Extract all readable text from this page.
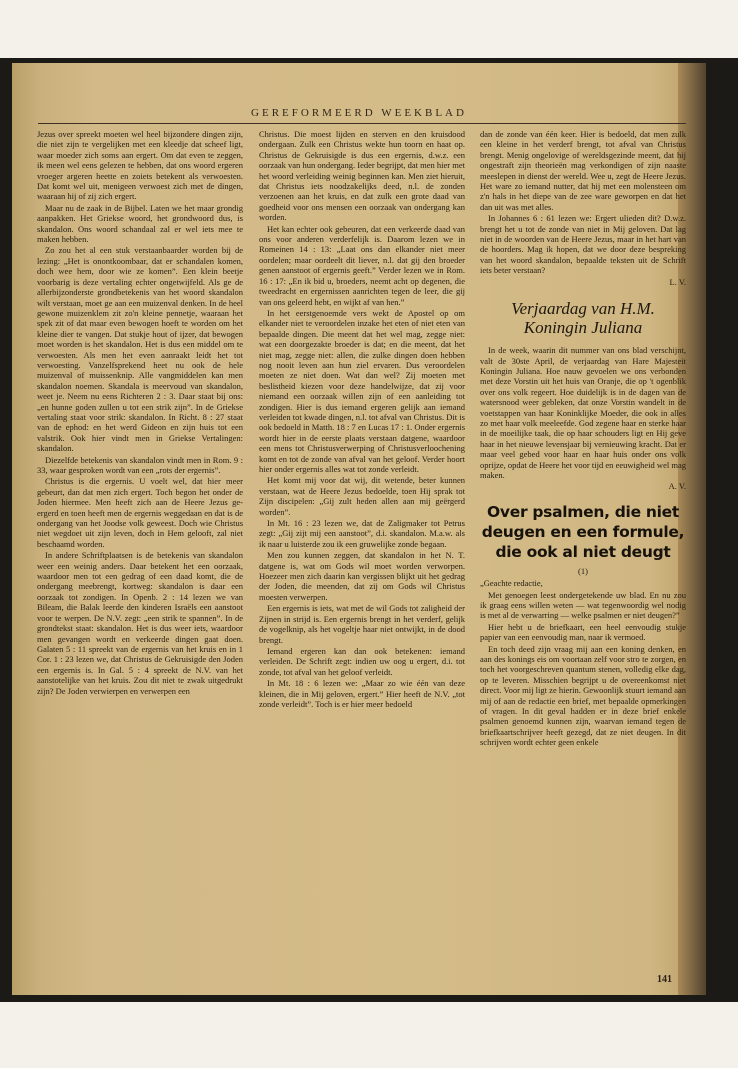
GEREFORMEERD WEEKBLAD

Jezus over spreekt moeten wel heel bijzondere dingen zijn, die niet zijn te vergelijken met een kleedje dat scheef ligt, waar moeder zich soms aan ergert. Om dat even te zeggen, ik meen wel eens gelezen te hebben, dat ons woord ergeren vroeger argeren heette en zoiets betekent als verwoesten. Dat komt wel uit, menigeen verwoest zich met de dingen, waaraan hij of zij zich ergert.

Maar nu de zaak in de Bijbel. Laten we het maar grondig aanpakken. Het Griekse woord, het grondwoord dus, is skandalon. Ons woord schandaal zal er wel iets mee te maken hebben.

Zo zou het al een stuk verstaanbaarder worden bij de lezing: „Het is onontkoombaar, dat er schandalen komen, doch wee hem, door wie ze komen”. Een klein beetje voorbarig is deze vertaling echter ongetwijfeld. Als ge de allerbijzonderste grondbetekenis van het woord skandalon wilt verstaan, moet ge aan een muizenval denken. In de heel gewone muizenklem zit zo'n kleine pennetje, waaraan het spek zit of dat maar even bewogen hoeft te worden om het kleine dier te vangen. Dat stukje hout of ijzer, dat bewogen moet worden is het skandalon. Het is dus een middel om te verwoesten. Als men het even aanraakt leidt het tot verwoesting. Vanzelfsprekend heet nu ook de hele muizenval of muissenknip. Alle vangmiddelen kan men skandalon noemen. Skandala is meervoud van skandalon, weet je. Neem nu eens Richteren 2 : 3. Daar staat bij ons: „en hunne goden zullen u tot een strik zijn”. In de Griekse vertaling staat voor strik: skandalon. In Richt. 8 : 27 staat van de ephod: en het werd Gideon en zijn huis tot een valstrik. Ook hier vindt men in Griekse Vertalingen: skandalon.

Diezelfde betekenis van skandalon vindt men in Rom. 9 : 33, waar gesproken wordt van een „rots der ergernis”.

Christus is die ergernis. U voelt wel, dat hier meer gebeurt, dan dat men zich ergert. Toch begon het onder de Joden hiermee. Men heeft zich aan de Heere Jezus ge-ergerd en toen heeft men de ergernis weggedaan en dat is de ondergang van het Joodse volk geweest. Doch wie Christus niet wegdoet uit zijn leven, doch in Hem gelooft, zal niet beschaamd worden.

In andere Schriftplaatsen is de betekenis van skandalon weer een weinig anders. Daar betekent het een oorzaak, waardoor men tot een gedrag of een daad komt, die de ondergang meebrengt, kortweg: skandalon is daar een oorzaak tot zondigen. In Openb. 2 : 14 lezen we van Bileam, die Balak leerde den kinderen Israëls een aanstoot voor te werpen. De N.V. zegt: „een strik te spannen”. In de grondtekst staat: skandalon. Het is dus weer iets, waardoor men gevangen wordt en verkeerde dingen gaat doen. Galaten 5 : 11 spreekt van de ergernis van het kruis en in 1 Cor. 1 : 23 lezen we, dat Christus de Gekruisigde den Joden een ergernis is. In Gal. 5 : 4 spreekt de N.V. van het aanstotelijke van het kruis. Zou dit niet te zwak uitgedrukt zijn? De Joden verwierpen en verwerpen een

Christus. Die moest lijden en sterven en den kruisdood ondergaan. Zulk een Christus wekte hun toorn en haat op. Christus de Gekruisigde is dus een ergernis, d.w.z. een oorzaak van hun ondergang. Ieder begrijpt, dat men hier met het woord verleiding weinig beginnen kan. Men ziet hieruit, dat Christus iets noodzakelijks deed, n.l. de zonden verzoenen aan het kruis, en dat zulk een grote daad van goedheid voor ons mensen een oorzaak van ondergang kan worden.

Het kan echter ook gebeuren, dat een verkeerde daad van ons voor anderen verderfelijk is. Daarom lezen we in Romeinen 14 : 13: „Laat ons dan elkander niet meer oordelen; maar oordeelt dit liever, n.l. dat gij den broeder genen aanstoot of ergernis geeft.” Verder lezen we in Rom. 16 : 17: „En ik bid u, broeders, neemt acht op degenen, die tweedracht en ergernissen aanrichten tegen de leer, die gij van ons geleerd hebt, en wijkt af van hen.”

In het eerstgenoemde vers wekt de Apostel op om elkander niet te veroordelen inzake het eten of niet eten van bepaalde dingen. Die meent dat het wel mag, zegge niet: wat een doorgezakte broeder is dat; en die meent, dat het niet mag, zegge niet: allen, die zulke dingen doen hebben nog nooit leven aan hun ziel ervaren. Dus veroordelen moeten ze niet doen. Wat dan wel? Zij moeten met beslistheid kiezen voor deze handelwijze, dat zij voor niemand een oorzaak willen zijn of een aanleiding tot zondigen. Hier is dus iemand ergeren gelijk aan iemand verleiden tot kwade dingen, n.l. tot afval van Christus. Dit is ook bedoeld in Matth. 18 : 7 en Lucas 17 : 1. Onder ergernis wordt hier in de eerste plaats verstaan datgene, waardoor een mens tot Christusverwerping of Christusverloochening komt en tot de zonde van afval van het geloof. Verder hoort hier onder ergernis alles wat tot zonde verleidt.

Het komt mij voor dat wij, dit wetende, beter kunnen verstaan, wat de Heere Jezus bedoelde, toen Hij sprak tot Zijn discipelen: „Gij zult heden allen aan mij geërgerd worden”.

In Mt. 16 : 23 lezen we, dat de Zaligmaker tot Petrus zegt: „Gij zijt mij een aanstoot”, d.i. skandalon. M.a.w. als ik naar u luisterde zou ik een gruwelijke zonde begaan.

Men zou kunnen zeggen, dat skandalon in het N. T. datgene is, wat om Gods wil moet worden verworpen. Hoezeer men zich daarin kan vergissen blijkt uit het gedrag der Joden, die meenden, dat zij om Gods wil Christus moesten verwerpen.

Een ergernis is iets, wat met de wil Gods tot zaligheid der Zijnen in strijd is. Een ergernis brengt in het verderf, gelijk de vogelknip, als het vogeltje haar niet ontwijkt, in de dood brengt.

Iemand ergeren kan dan ook betekenen: iemand verleiden. De Schrift zegt: indien uw oog u ergert, d.i. tot zonde, tot afval van het geloof verleidt.

In Mt. 18 : 6 lezen we: „Maar zo wie één van deze kleinen, die in Mij geloven, ergert.” Hier heeft de N.V. „tot zonde verleidt”. Toch is er hier meer bedoeld

dan de zonde van één keer. Hier is bedoeld, dat men zulk een kleine in het verderf brengt, tot afval van Christus brengt. Menig ongelovige of wereldsgezinde meent, dat hij ongestraft zijn theorieën mag verkondigen of zijn naaste meeslepen in dienst der wereld. Wee u, zegt de Heere Jezus. Het ware zo iemand nutter, dat hij met een molensteen om z'n hals in het diepe van de zee ware geworpen en dat het dan uit was met alles.

In Johannes 6 : 61 lezen we: Ergert ulieden dit? D.w.z. brengt het u tot de zonde van niet in Mij geloven. Dat lag niet in de woorden van de Heere Jezus, maar in het hart van de hoorders. Mag ik hopen, dat we door deze bespreking van het woord skandalon, bepaalde teksten uit de Schrift iets beter verstaan?

L. V.
Verjaardag van H.M. Koningin Juliana

In de week, waarin dit nummer van ons blad verschijnt, valt de 30ste April, de verjaardag van Hare Majesteit Koningin Juliana. Hoe nauw gevoelen we ons verbonden met deze Vorstin uit het huis van Oranje, die op 't ogenblik over ons volk regeert. Hoe duidelijk is in de dagen van de watersnood weer gebleken, dat onze Vorstin wandelt in de voetstappen van haar Koninklijke Moeder, die ook in alles zo met haar volk meeleefde. God zegene haar en sterke haar in de moeilijke taak, die op haar schouders ligt en Hij geve haar in het nieuwe levensjaar bij vernieuwing kracht. Dat er maar veel gebed voor haar en haar huis onder ons volk oprijze, opdat de Heere het voor tijd en eeuwigheid wel mag maken.

A. V.
Over psalmen, die niet deugen en een formule, die ook al niet deugt
(1)

„Geachte redactie,

Met genoegen leest ondergetekende uw blad. En nu zou ik graag eens willen weten — wat tegenwoordig wel nodig is met al de verwarring — welke psalmen er niet deugen?”

Hier hebt u de briefkaart, een heel eenvoudig stukje papier van een eenvoudig man, naar ik vermoed.

En toch deed zijn vraag mij aan een koning denken, en aan des konings eis om voortaan zelf voor stro te zorgen, en toch het voorgeschreven quantum stenen, volledig elke dag, op te leveren. Misschien begrijpt u de overeenkomst niet direct. Voor mij ligt ze hierin. Gewoonlijk stuurt iemand aan mij of aan de redactie een brief, met bepaalde opmerkingen of vragen. In dit geval hadden er in deze brief enkele psalmen genoemd kunnen zijn, waarvan iemand tegen de briefkaartschrijver heeft gezegd, dat ze niet deugen. In dit schrijven wordt echter geen enkele

141
